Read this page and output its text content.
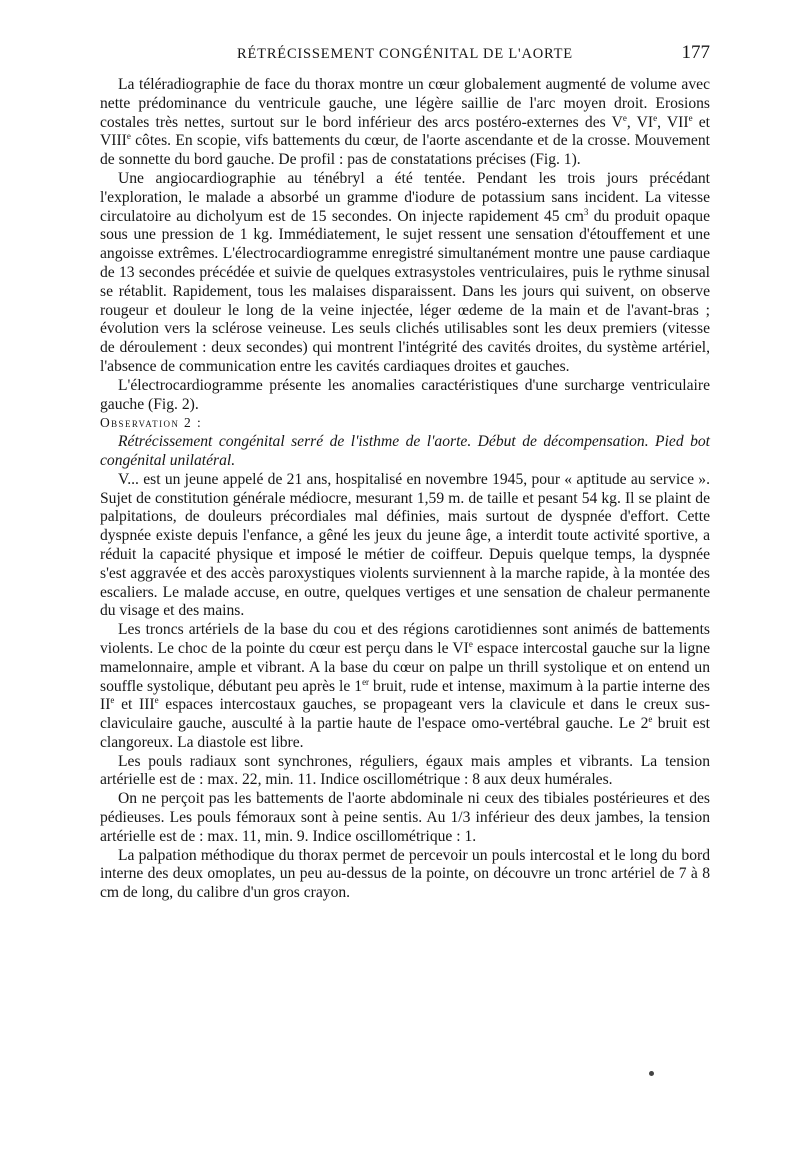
RÉTRÉCISSEMENT CONGÉNITAL DE L'AORTE	177

La téléradiographie de face du thorax montre un cœur globalement augmenté de volume avec nette prédominance du ventricule gauche, une légère saillie de l'arc moyen droit. Erosions costales très nettes, surtout sur le bord inférieur des arcs postéro-externes des Ve, VIe, VIIe et VIIIe côtes. En scopie, vifs battements du cœur, de l'aorte ascendante et de la crosse. Mouvement de sonnette du bord gauche. De profil : pas de constatations précises (Fig. 1).

Une angiocardiographie au ténébryl a été tentée. Pendant les trois jours précédant l'exploration, le malade a absorbé un gramme d'iodure de potassium sans incident. La vitesse circulatoire au dicholyum est de 15 secondes. On injecte rapidement 45 $cm^3$ du produit opaque sous une pression de 1 kg. Immédiatement, le sujet ressent une sensation d'étouffement et une angoisse extrêmes. L'électrocardiogramme enregistré simultanément montre une pause cardiaque de 13 secondes précédée et suivie de quelques extrasystoles ventriculaires, puis le rythme sinusal se rétablit. Rapidement, tous les malaises disparaissent. Dans les jours qui suivent, on observe rougeur et douleur le long de la veine injectée, léger œdeme de la main et de l'avant-bras ; évolution vers la sclérose veineuse. Les seuls clichés utilisables sont les deux premiers (vitesse de déroulement : deux secondes) qui montrent l'intégrité des cavités droites, du système artériel, l'absence de communication entre les cavités cardiaques droites et gauches.

L'électrocardiogramme présente les anomalies caractéristiques d'une surcharge ventriculaire gauche (Fig. 2).

Observation 2 :

Rétrécissement congénital serré de l'isthme de l'aorte. Début de décompensation. Pied bot congénital unilatéral.

V... est un jeune appelé de 21 ans, hospitalisé en novembre 1945, pour « aptitude au service ». Sujet de constitution générale médiocre, mesurant 1,59 m. de taille et pesant 54 kg. Il se plaint de palpitations, de douleurs précordiales mal définies, mais surtout de dyspnée d'effort. Cette dyspnée existe depuis l'enfance, a gêné les jeux du jeune âge, a interdit toute activité sportive, a réduit la capacité physique et imposé le métier de coiffeur. Depuis quelque temps, la dyspnée s'est aggravée et des accès paroxystiques violents surviennent à la marche rapide, à la montée des escaliers. Le malade accuse, en outre, quelques vertiges et une sensation de chaleur permanente du visage et des mains.

Les troncs artériels de la base du cou et des régions carotidiennes sont animés de battements violents. Le choc de la pointe du cœur est perçu dans le VIe espace intercostal gauche sur la ligne mamelonnaire, ample et vibrant. A la base du cœur on palpe un thrill systolique et on entend un souffle systolique, débutant peu après le 1er bruit, rude et intense, maximum à la partie interne des IIe et IIIe espaces intercostaux gauches, se propageant vers la clavicule et dans le creux sus-claviculaire gauche, ausculté à la partie haute de l'espace omo-vertébral gauche. Le 2e bruit est clangoreux. La diastole est libre.

Les pouls radiaux sont synchrones, réguliers, égaux mais amples et vibrants. La tension artérielle est de : max. 22, min. 11. Indice oscillométrique : 8 aux deux humérales.

On ne perçoit pas les battements de l'aorte abdominale ni ceux des tibiales postérieures et des pédieuses. Les pouls fémoraux sont à peine sentis. Au 1/3 inférieur des deux jambes, la tension artérielle est de : max. 11, min. 9. Indice oscillométrique : 1.

La palpation méthodique du thorax permet de percevoir un pouls intercostal et le long du bord interne des deux omoplates, un peu au-dessus de la pointe, on découvre un tronc artériel de 7 à 8 cm de long, du calibre d'un gros crayon.
